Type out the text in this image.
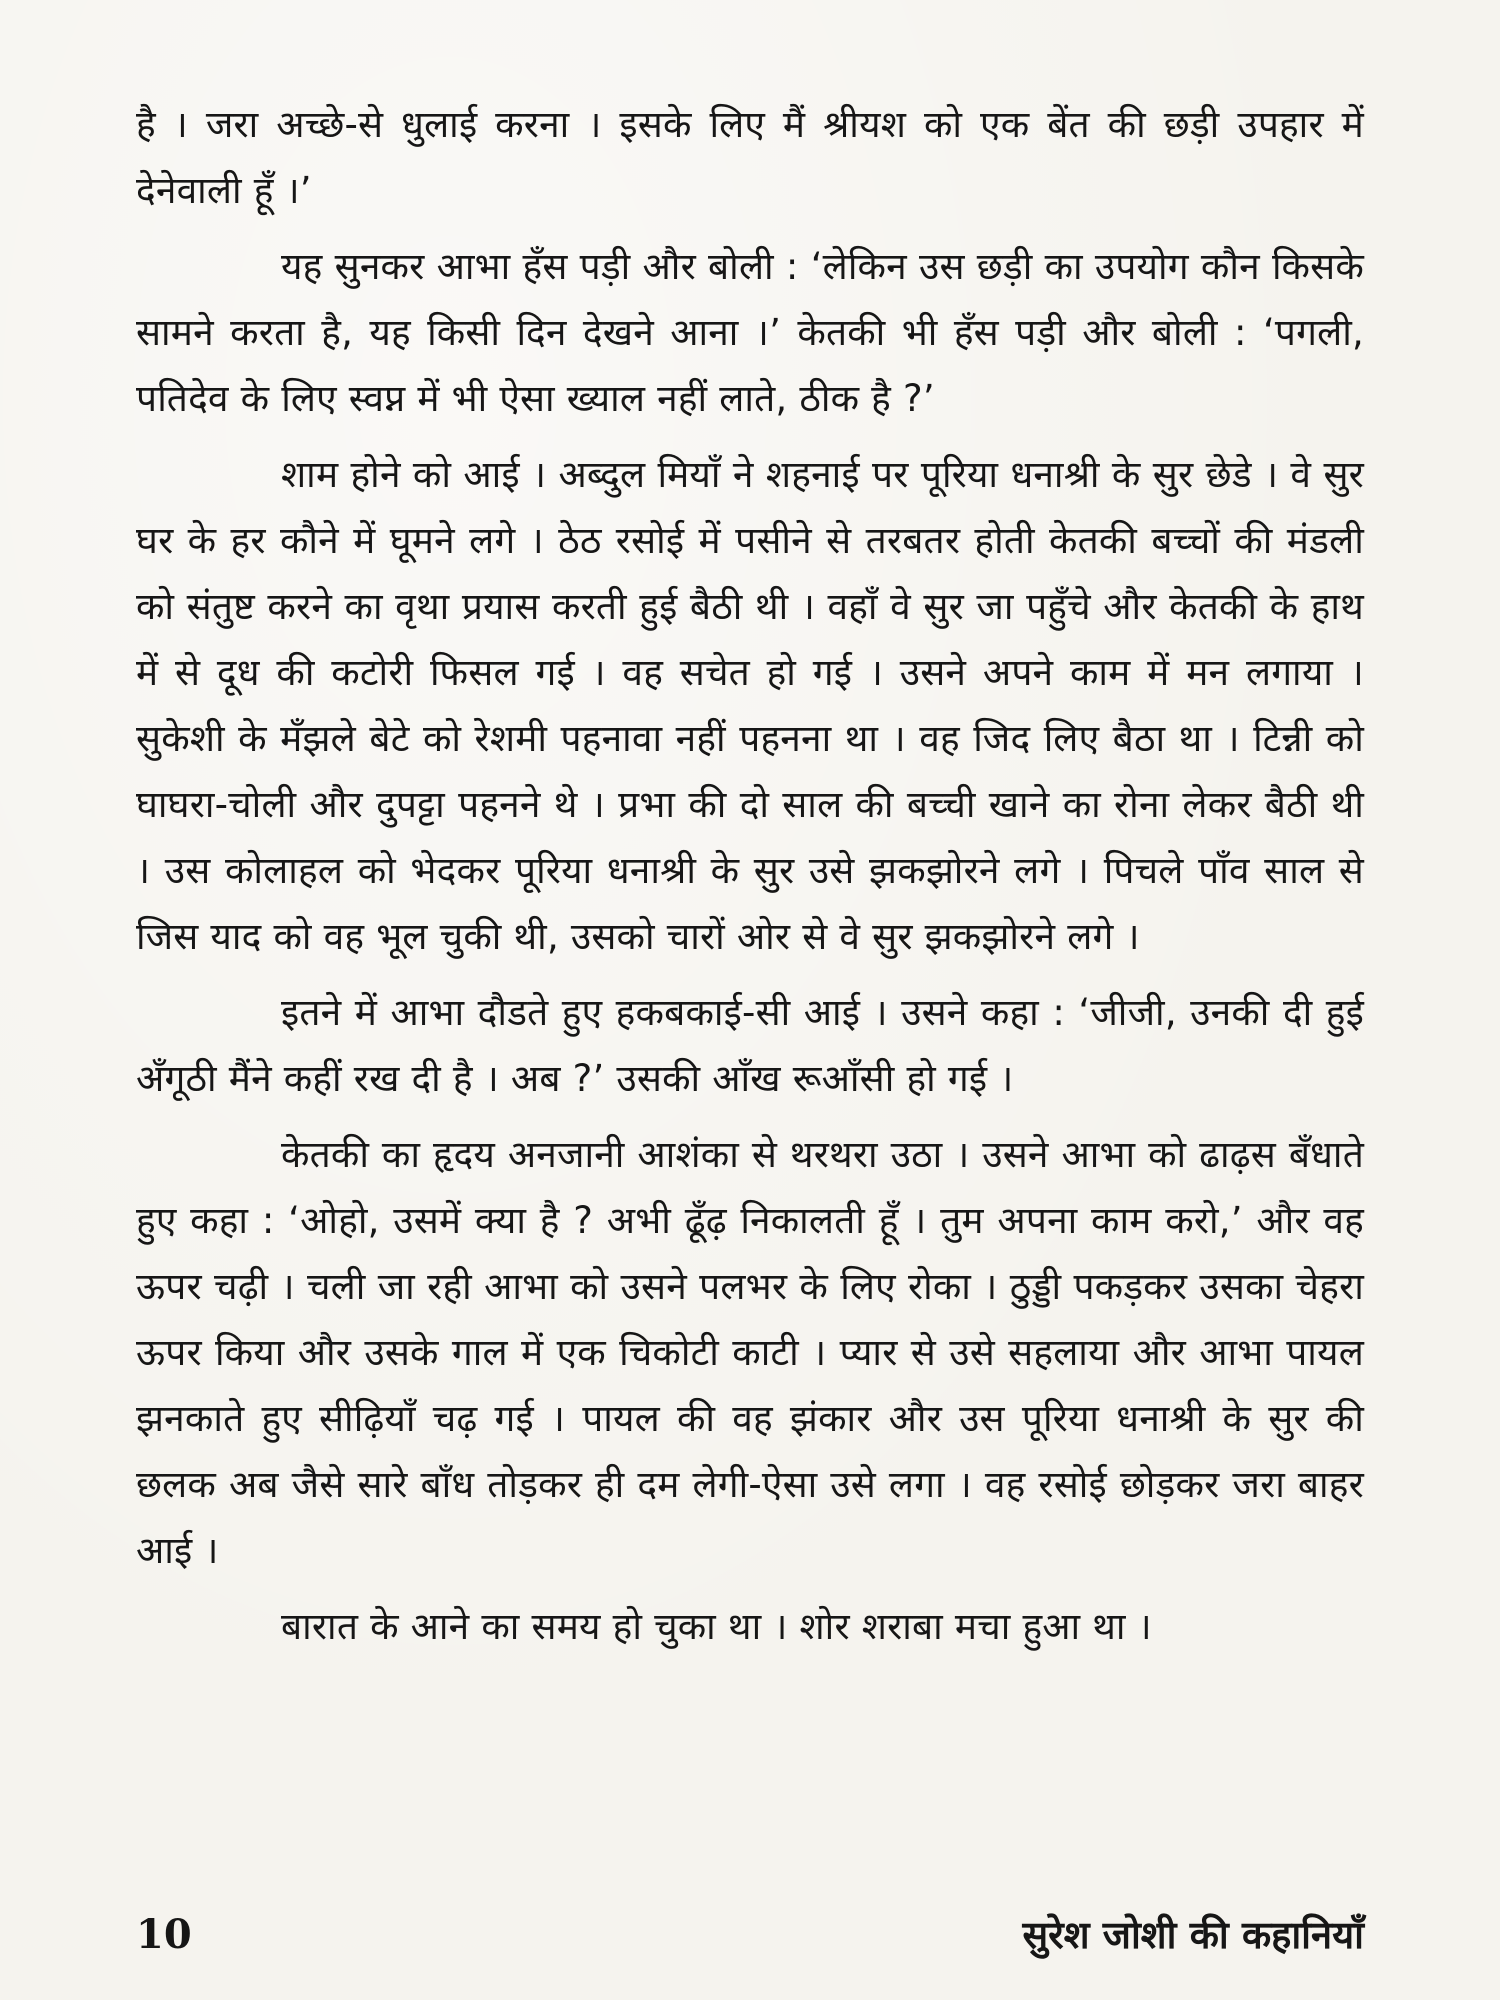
है । जरा अच्छे-से धुलाई करना । इसके लिए मैं श्रीयश को एक बेंत की छड़ी उपहार में देनेवाली हूँ ।’

यह सुनकर आभा हँस पड़ी और बोली : ‘लेकिन उस छड़ी का उपयोग कौन किसके सामने करता है, यह किसी दिन देखने आना ।’ केतकी भी हँस पड़ी और बोली : ‘पगली, पतिदेव के लिए स्वप्न में भी ऐसा ख्याल नहीं लाते, ठीक है ?’

शाम होने को आई । अब्दुल मियाँ ने शहनाई पर पूरिया धनाश्री के सुर छेडे । वे सुर घर के हर कौने में घूमने लगे । ठेठ रसोई में पसीने से तरबतर होती केतकी बच्चों की मंडली को संतुष्ट करने का वृथा प्रयास करती हुई बैठी थी । वहाँ वे सुर जा पहुँचे और केतकी के हाथ में से दूध की कटोरी फिसल गई । वह सचेत हो गई । उसने अपने काम में मन लगाया । सुकेशी के मँझले बेटे को रेशमी पहनावा नहीं पहनना था । वह जिद लिए बैठा था । टिन्नी को घाघरा-चोली और दुपट्टा पहनने थे । प्रभा की दो साल की बच्ची खाने का रोना लेकर बैठी थी । उस कोलाहल को भेदकर पूरिया धनाश्री के सुर उसे झकझोरने लगे । पिचले पाँव साल से जिस याद को वह भूल चुकी थी, उसको चारों ओर से वे सुर झकझोरने लगे ।

इतने में आभा दौडते हुए हकबकाई-सी आई । उसने कहा : ‘जीजी, उनकी दी हुई अँगूठी मैंने कहीं रख दी है । अब ?’ उसकी आँख रूआँसी हो गई ।

केतकी का हृदय अनजानी आशंका से थरथरा उठा । उसने आभा को ढाढ़स बँधाते हुए कहा : ‘ओहो, उसमें क्या है ? अभी ढूँढ़ निकालती हूँ । तुम अपना काम करो,’ और वह ऊपर चढ़ी । चली जा रही आभा को उसने पलभर के लिए रोका । ठुड्डी पकड़कर उसका चेहरा ऊपर किया और उसके गाल में एक चिकोटी काटी । प्यार से उसे सहलाया और आभा पायल झनकाते हुए सीढ़ियाँ चढ़ गई । पायल की वह झंकार और उस पूरिया धनाश्री के सुर की छलक अब जैसे सारे बाँध तोड़कर ही दम लेगी-ऐसा उसे लगा । वह रसोई छोड़कर जरा बाहर आई ।

बारात के आने का समय हो चुका था । शोर शराबा मचा हुआ था ।

10	सुरेश जोशी की कहानियाँ
